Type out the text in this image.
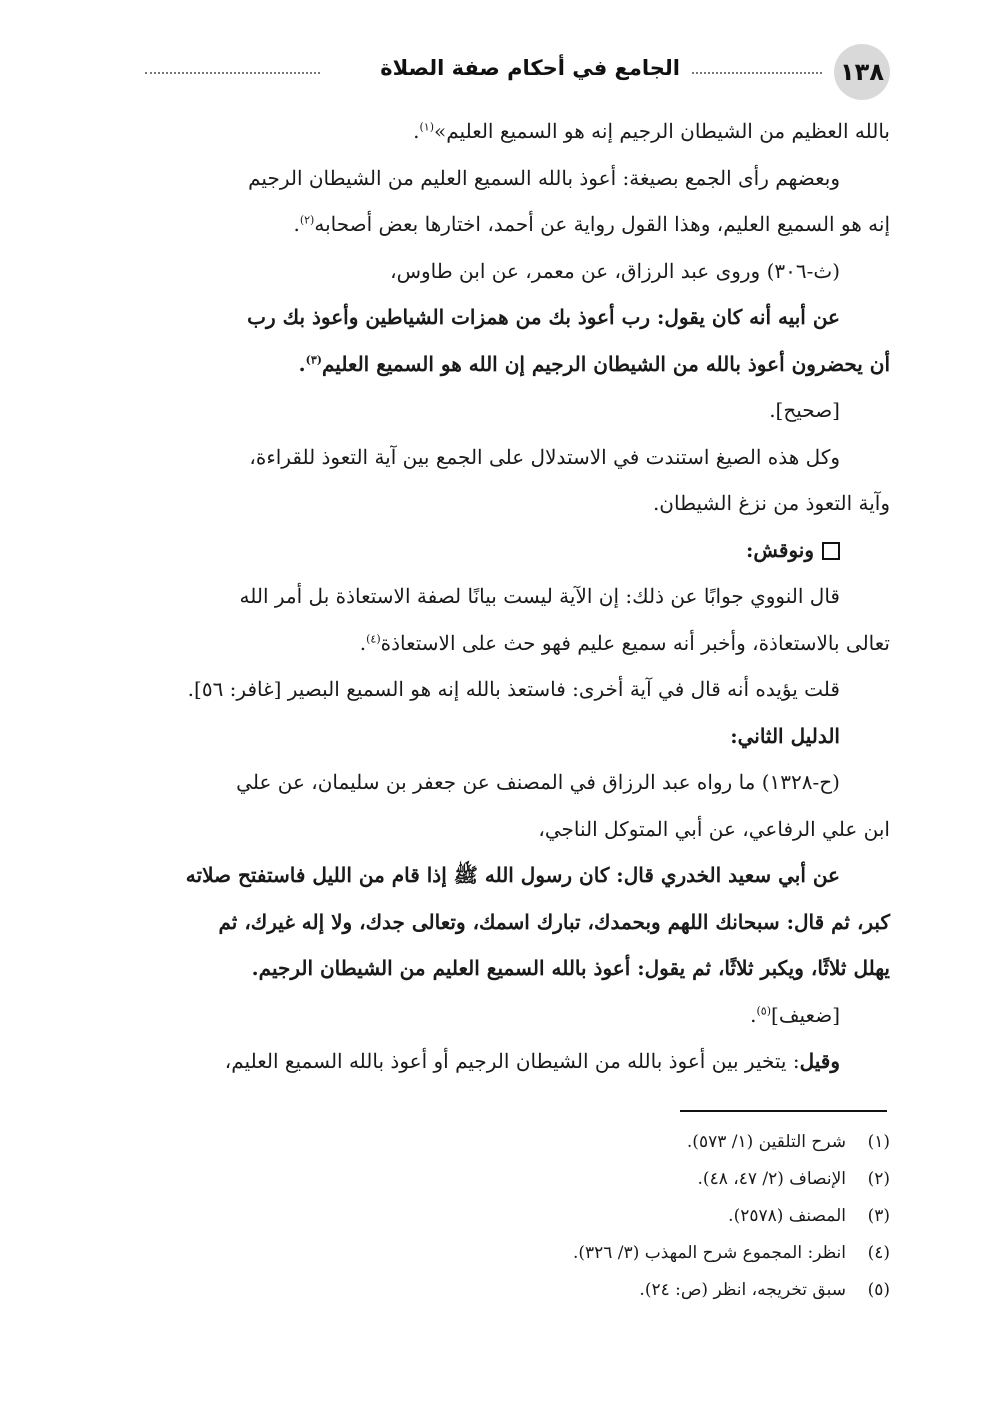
١٣٨
الجامع في أحكام صفة الصلاة

بالله العظيم من الشيطان الرجيم إنه هو السميع العليم»$^{(١)}$.

وبعضهم رأى الجمع بصيغة: أعوذ بالله السميع العليم من الشيطان الرجيم

إنه هو السميع العليم، وهذا القول رواية عن أحمد، اختارها بعض أصحابه$^{(٢)}$.

(ث-٣٠٦) وروى عبد الرزاق، عن معمر، عن ابن طاوس،

عن أبيه أنه كان يقول: رب أعوذ بك من همزات الشياطين وأعوذ بك رب

أن يحضرون أعوذ بالله من الشيطان الرجيم إن الله هو السميع العليم$^{(٣)}$.

[صحيح].

وكل هذه الصيغ استندت في الاستدلال على الجمع بين آية التعوذ للقراءة،

وآية التعوذ من نزغ الشيطان.

ونوقش:

قال النووي جوابًا عن ذلك: إن الآية ليست بيانًا لصفة الاستعاذة بل أمر الله

تعالى بالاستعاذة، وأخبر أنه سميع عليم فهو حث على الاستعاذة$^{(٤)}$.

قلت يؤيده أنه قال في آية أخرى: فاستعذ بالله إنه هو السميع البصير [غافر: ٥٦].

الدليل الثاني:

(ح-١٣٢٨) ما رواه عبد الرزاق في المصنف عن جعفر بن سليمان، عن علي

ابن علي الرفاعي، عن أبي المتوكل الناجي،

عن أبي سعيد الخدري قال: كان رسول الله ﷺ إذا قام من الليل فاستفتح صلاته

كبر، ثم قال: سبحانك اللهم وبحمدك، تبارك اسمك، وتعالى جدك، ولا إله غيرك، ثم

يهلل ثلاثًا، ويكبر ثلاثًا، ثم يقول: أعوذ بالله السميع العليم من الشيطان الرجيم.

[ضعيف]$^{(٥)}$.

وقيل: يتخير بين أعوذ بالله من الشيطان الرجيم أو أعوذ بالله السميع العليم،

(١)شرح التلقين (١/ ٥٧٣).

(٢)الإنصاف (٢/ ٤٧، ٤٨).

(٣)المصنف (٢٥٧٨).

(٤)انظر: المجموع شرح المهذب (٣/ ٣٢٦).

(٥)سبق تخريجه، انظر (ص: ٢٤).
